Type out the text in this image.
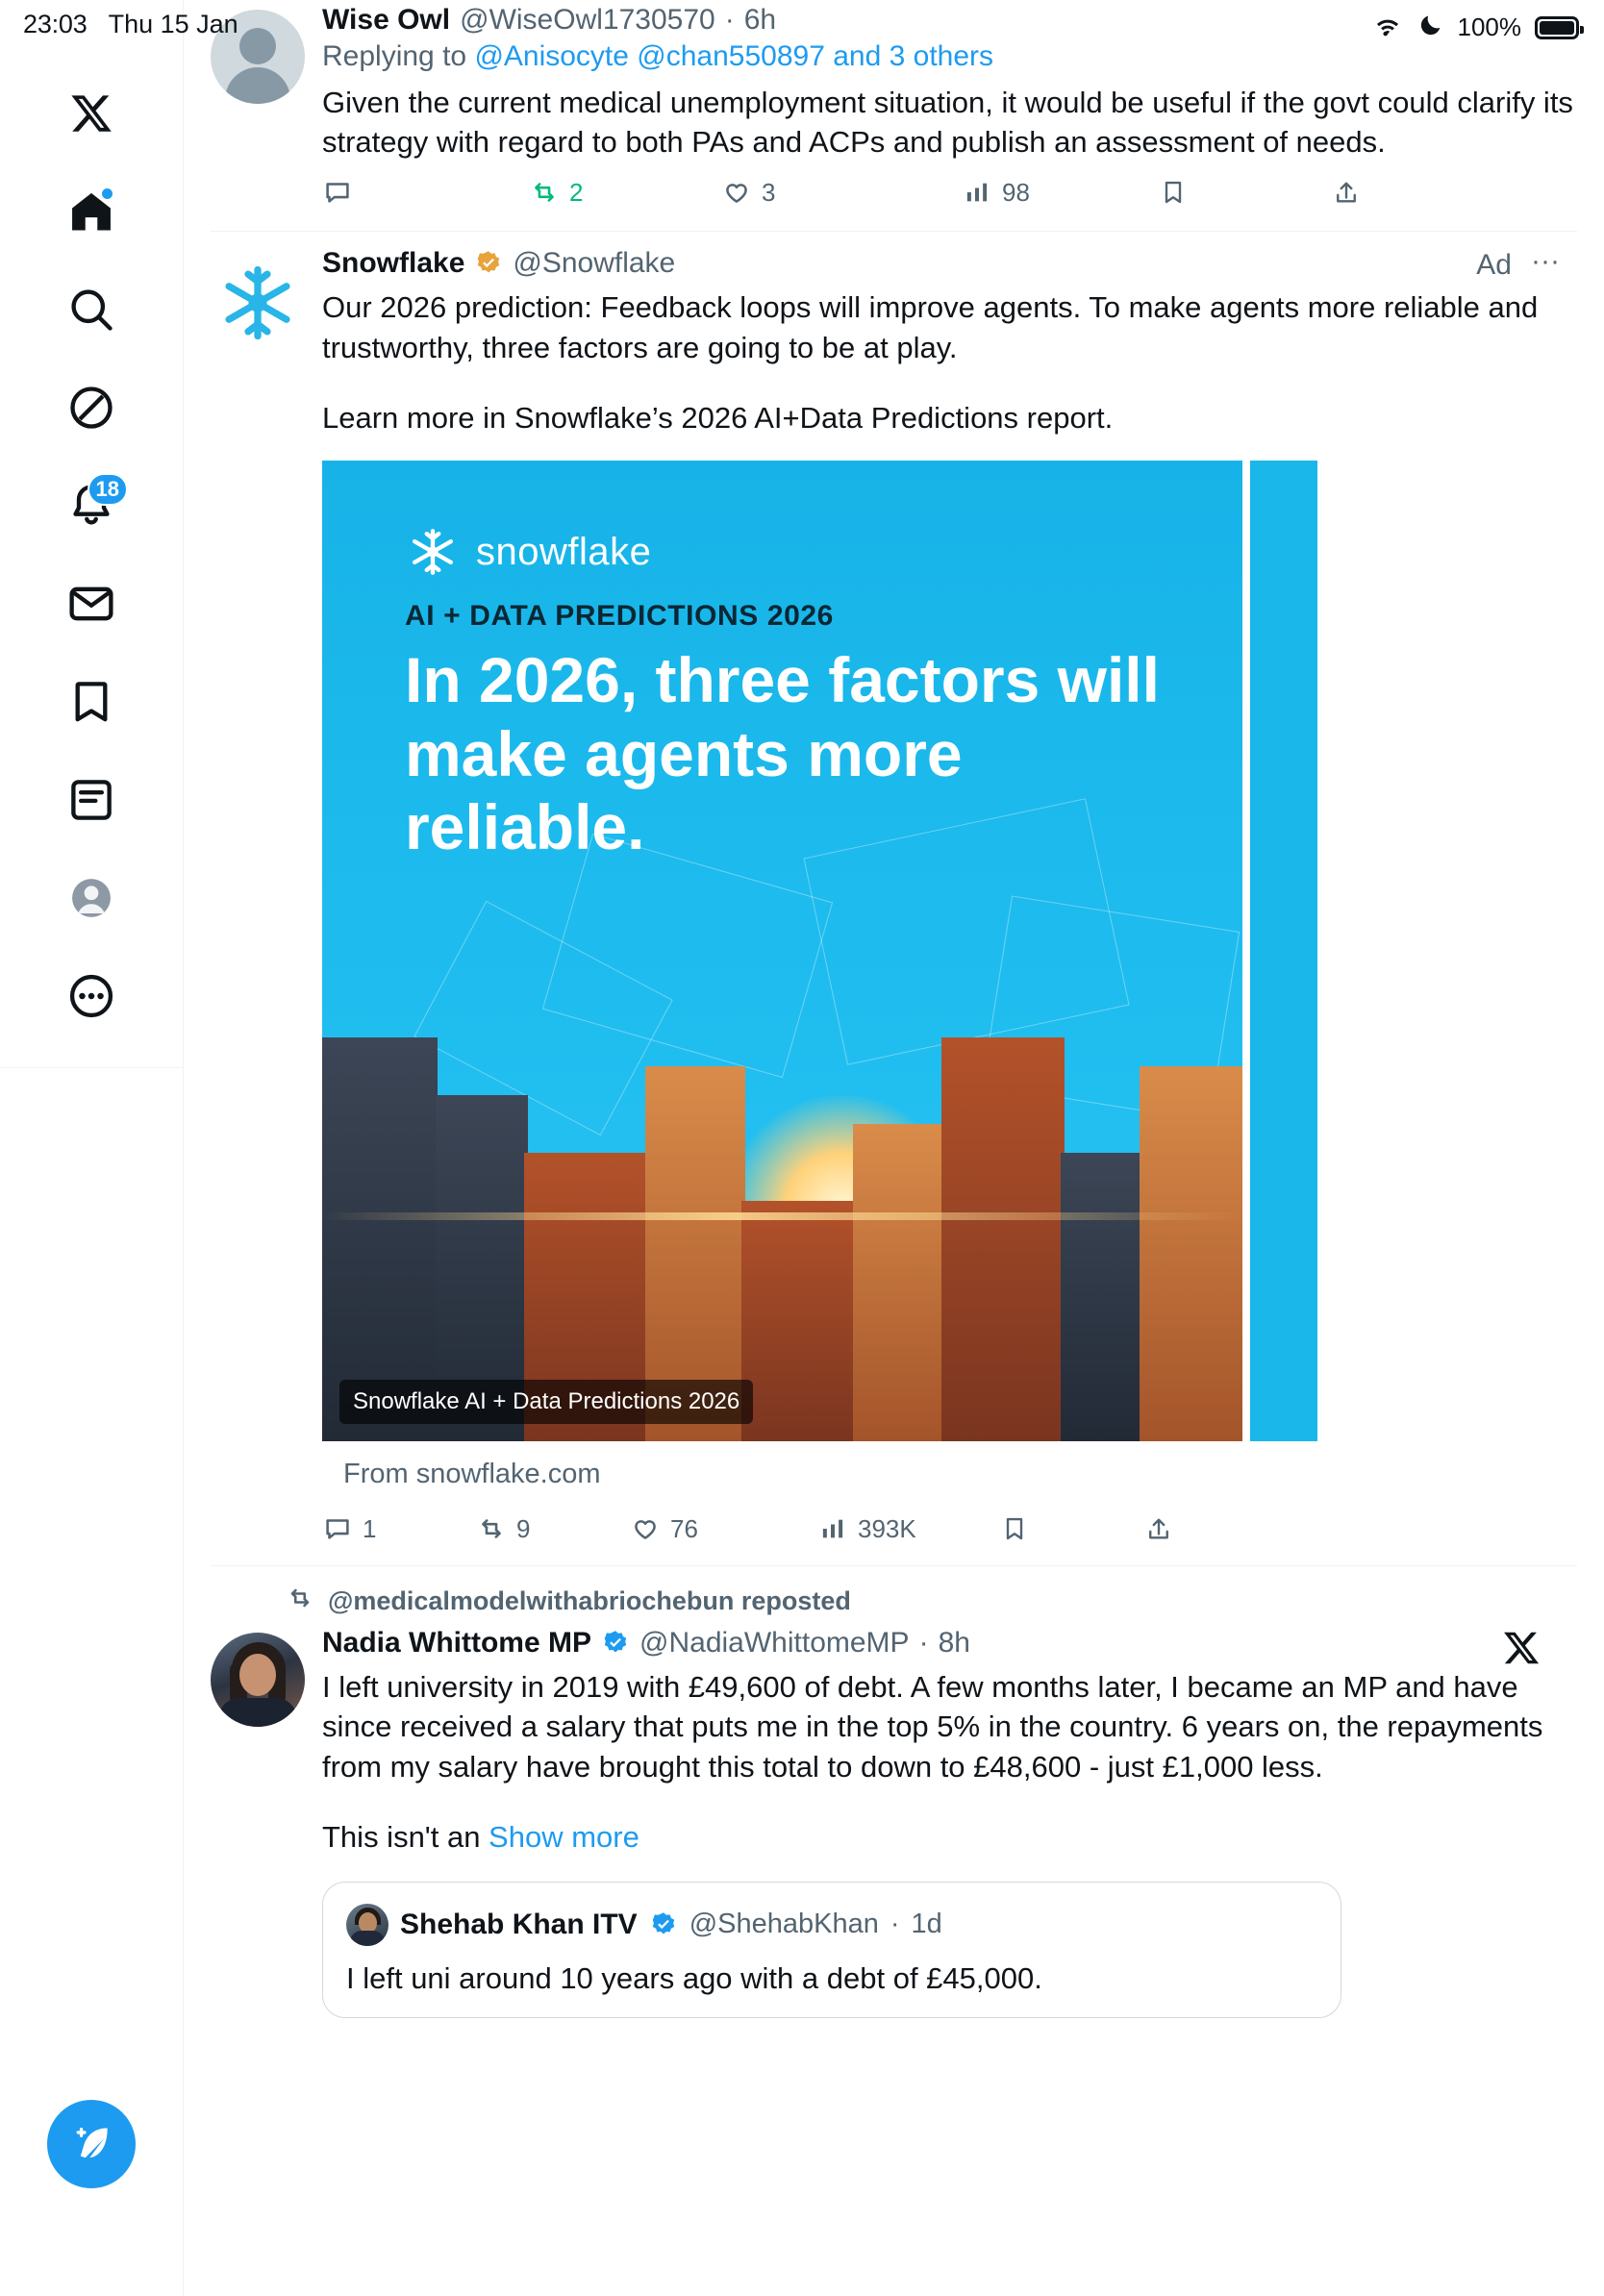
23:03 Thu 15 Jan	100%
18
Wise Owl @WiseOwl1730570 · 6h
Replying to @Anisocyte @chan550897 and 3 others
Given the current medical unemployment situation, it would be useful if the govt could clarify its strategy with regard to both PAs and ACPs and publish an assessment of needs.
2	3	98
Snowflake @Snowflake	Ad ···
Our 2026 prediction: Feedback loops will improve agents. To make agents more reliable and trustworthy, three factors are going to be at play.
Learn more in Snowflake’s 2026 AI+Data Predictions report.
snowflake
AI + DATA PREDICTIONS 2026
In 2026, three factors will make agents more reliable.
Snowflake AI + Data Predictions 2026
From snowflake.com
1	9	76	393K
@medicalmodelwithabriochebun reposted
Nadia Whittome MP @NadiaWhittomeMP · 8h
I left university in 2019 with £49,600 of debt. A few months later, I became an MP and have since received a salary that puts me in the top 5% in the country. 6 years on, the repayments from my salary have brought this total to down to £48,600 - just £1,000 less.
This isn't an Show more
Shehab Khan ITV @ShehabKhan · 1d
I left uni around 10 years ago with a debt of £45,000.
